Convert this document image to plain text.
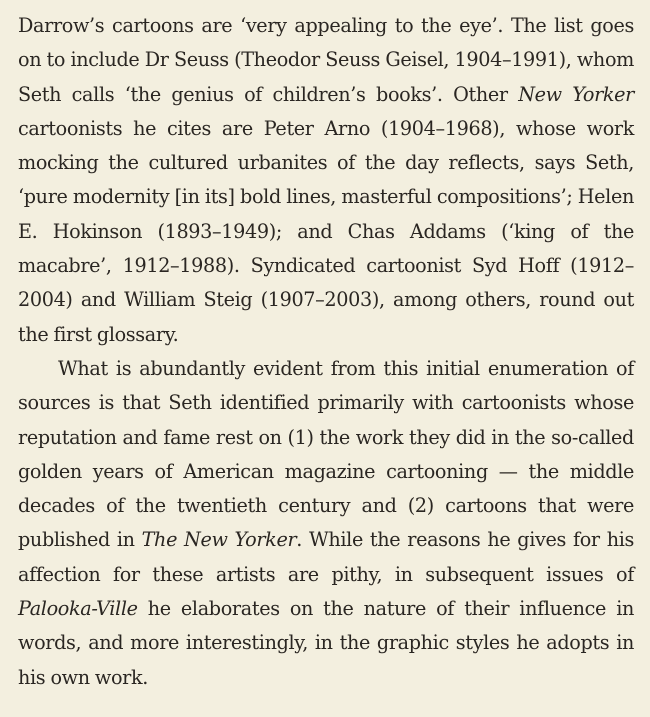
Darrow’s cartoons are ‘very appealing to the eye’. The list goes on to include Dr Seuss (Theodor Seuss Geisel, 1904–1991), whom Seth calls ‘the genius of children’s books’. Other New Yorker cartoonists he cites are Peter Arno (1904–1968), whose work mocking the cultured urbanites of the day reflects, says Seth, ‘pure modernity [in its] bold lines, masterful compositions’; Helen E. Hokinson (1893–1949); and Chas Addams (‘king of the macabre’, 1912–1988). Syndicated cartoonist Syd Hoff (1912–2004) and William Steig (1907–2003), among others, round out the first glossary.

What is abundantly evident from this initial enumeration of sources is that Seth identified primarily with cartoonists whose reputation and fame rest on (1) the work they did in the so-called golden years of American magazine cartooning — the middle decades of the twentieth century and (2) cartoons that were published in The New Yorker. While the reasons he gives for his affection for these artists are pithy, in subsequent issues of Palooka-Ville he elaborates on the nature of their influence in words, and more interestingly, in the graphic styles he adopts in his own work.
